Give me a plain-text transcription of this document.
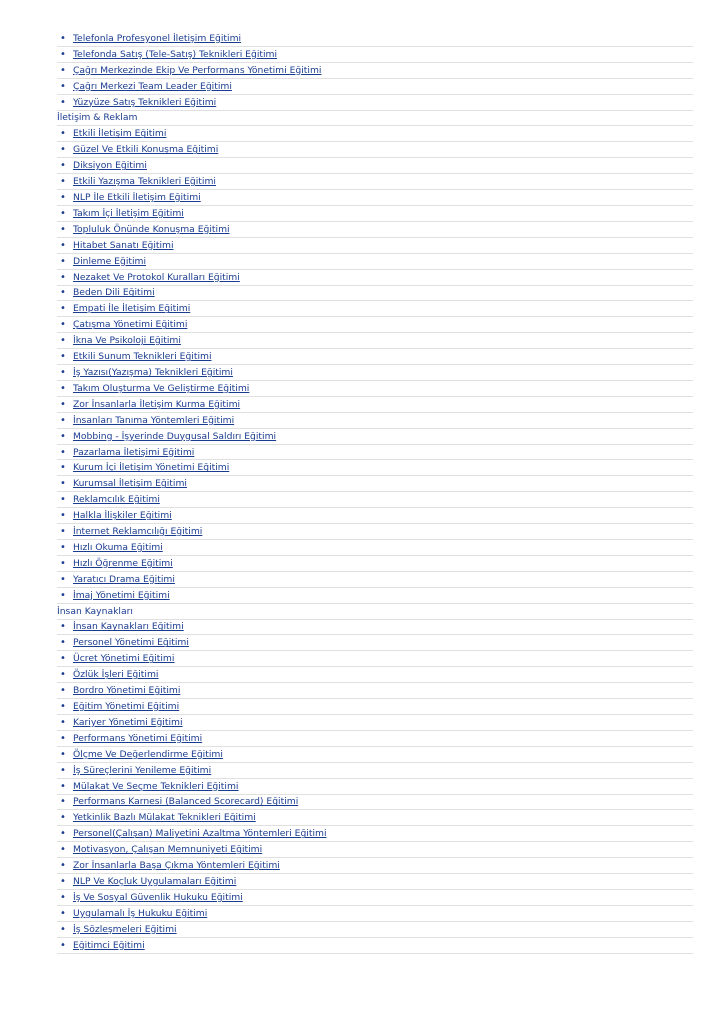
• Telefonla Profesyonel İletişim Eğitimi
• Telefonda Satış (Tele-Satış) Teknikleri Eğitimi
• Çağrı Merkezinde Ekip Ve Performans Yönetimi Eğitimi
• Çağrı Merkezi Team Leader Eğitimi
• Yüzyüze Satış Teknikleri Eğitimi
İletişim & Reklam
• Etkili İletişim Eğitimi
• Güzel Ve Etkili Konuşma Eğitimi
• Diksiyon Eğitimi
• Etkili Yazışma Teknikleri Eğitimi
• NLP İle Etkili İletişim Eğitimi
• Takım İçi İletişim Eğitimi
• Topluluk Önünde Konuşma Eğitimi
• Hitabet Sanatı Eğitimi
• Dinleme Eğitimi
• Nezaket Ve Protokol Kuralları Eğitimi
• Beden Dili Eğitimi
• Empati İle İletişim Eğitimi
• Çatışma Yönetimi Eğitimi
• İkna Ve Psikoloji Eğitimi
• Etkili Sunum Teknikleri Eğitimi
• İş Yazısı(Yazışma) Teknikleri Eğitimi
• Takım Oluşturma Ve Geliştirme Eğitimi
• Zor İnsanlarla İletişim Kurma Eğitimi
• İnsanları Tanıma Yöntemleri Eğitimi
• Mobbing - İşyerinde Duygusal Saldırı Eğitimi
• Pazarlama İletişimi Eğitimi
• Kurum İçi İletişim Yönetimi Eğitimi
• Kurumsal İletişim Eğitimi
• Reklamcılık Eğitimi
• Halkla İlişkiler Eğitimi
• İnternet Reklamcılığı Eğitimi
• Hızlı Okuma Eğitimi
• Hızlı Öğrenme Eğitimi
• Yaratıcı Drama Eğitimi
• İmaj Yönetimi Eğitimi
İnsan Kaynakları
• İnsan Kaynakları Eğitimi
• Personel Yönetimi Eğitimi
• Ücret Yönetimi Eğitimi
• Özlük İşleri Eğitimi
• Bordro Yönetimi Eğitimi
• Eğitim Yönetimi Eğitimi
• Kariyer Yönetimi Eğitimi
• Performans Yönetimi Eğitimi
• Ölçme Ve Değerlendirme Eğitimi
• İş Süreçlerini Yenileme Eğitimi
• Mülakat Ve Seçme Teknikleri Eğitimi
• Performans Karnesi (Balanced Scorecard) Eğitimi
• Yetkinlik Bazlı Mülakat Teknikleri Eğitimi
• Personel(Çalışan) Maliyetini Azaltma Yöntemleri Eğitimi
• Motivasyon, Çalışan Memnuniyeti Eğitimi
• Zor İnsanlarla Başa Çıkma Yöntemleri Eğitimi
• NLP Ve Koçluk Uygulamaları Eğitimi
• İş Ve Sosyal Güvenlik Hukuku Eğitimi
• Uygulamalı İş Hukuku Eğitimi
• İş Sözleşmeleri Eğitimi
• Eğitimci Eğitimi
